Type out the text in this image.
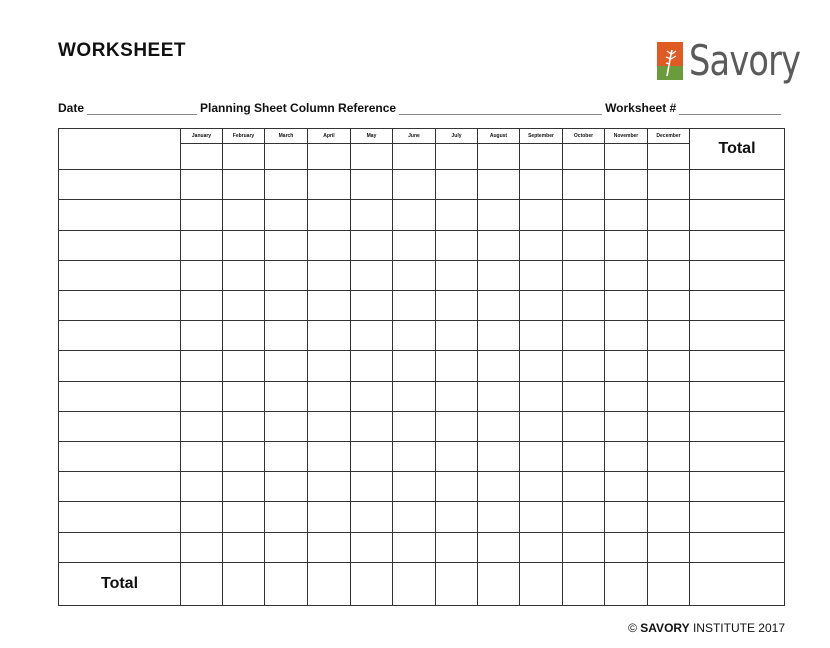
WORKSHEET	Savory
Date	Planning Sheet Column Reference	Worksheet #
	January	February	March	April	May	June	July	August	September	October	November	December	Total

Total													
© SAVORY INSTITUTE 2017
